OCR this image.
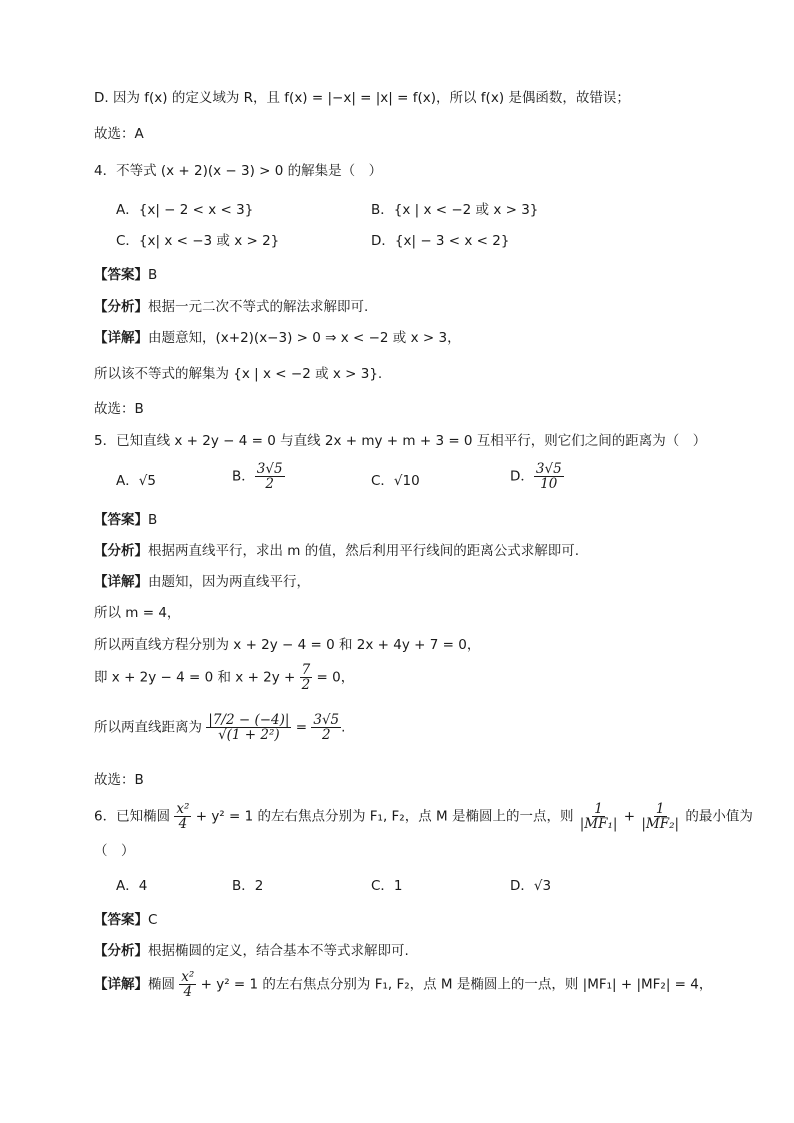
D. 因为 f(x) 的定义域为 R，且 f(x) = |−x| = |x| = f(x)，所以 f(x) 是偶函数，故错误；
故选：A
4．不等式 (x + 2)(x − 3) > 0 的解集是（　）
A．{x| − 2 < x < 3}	B．{x | x < −2 或 x > 3}
C．{x| x < −3 或 x > 2}	D．{x| − 3 < x < 2}
【答案】B
【分析】根据一元二次不等式的解法求解即可.
【详解】由题意知，(x+2)(x−3) > 0 ⇒ x < −2 或 x > 3，
所以该不等式的解集为 {x | x < −2 或 x > 3}.
故选：B
5．已知直线 x + 2y − 4 = 0 与直线 2x + my + m + 3 = 0 互相平行，则它们之间的距离为（　）
A．√5	B． $\frac{3√5}{2}$	C．√10	D． $\frac{3√5}{10}$
【答案】B
【分析】根据两直线平行，求出 m 的值，然后利用平行线间的距离公式求解即可.
【详解】由题知，因为两直线平行，
所以 m = 4，
所以两直线方程分别为 x + 2y − 4 = 0 和 2x + 4y + 7 = 0，
即 x + 2y − 4 = 0 和 $x + 2y + \frac{7}{2} = 0$，
所以两直线距离为 $\frac{|7/2 - (-4)|}{\text{√(1 + 2²)}} = \frac{3√5}{2}$ .
故选：B
6．已知椭圆 $\frac{\text{x²}}{4} + y^2 = 1$ 的左右焦点分别为 F₁, F₂，点 M 是椭圆上的一点，则 $\frac{1}{\text{|MF₁|}} + \frac{1}{\text{|MF₂|}}$ 的最小值为
（　）
A．4	B．2	C．1	D．√3
【答案】C
【分析】根据椭圆的定义，结合基本不等式求解即可.
【详解】椭圆 $\frac{\text{x²}}{4} + y^2 = 1$ 的左右焦点分别为 F₁, F₂，点 M 是椭圆上的一点，则 |MF₁| + |MF₂| = 4，
